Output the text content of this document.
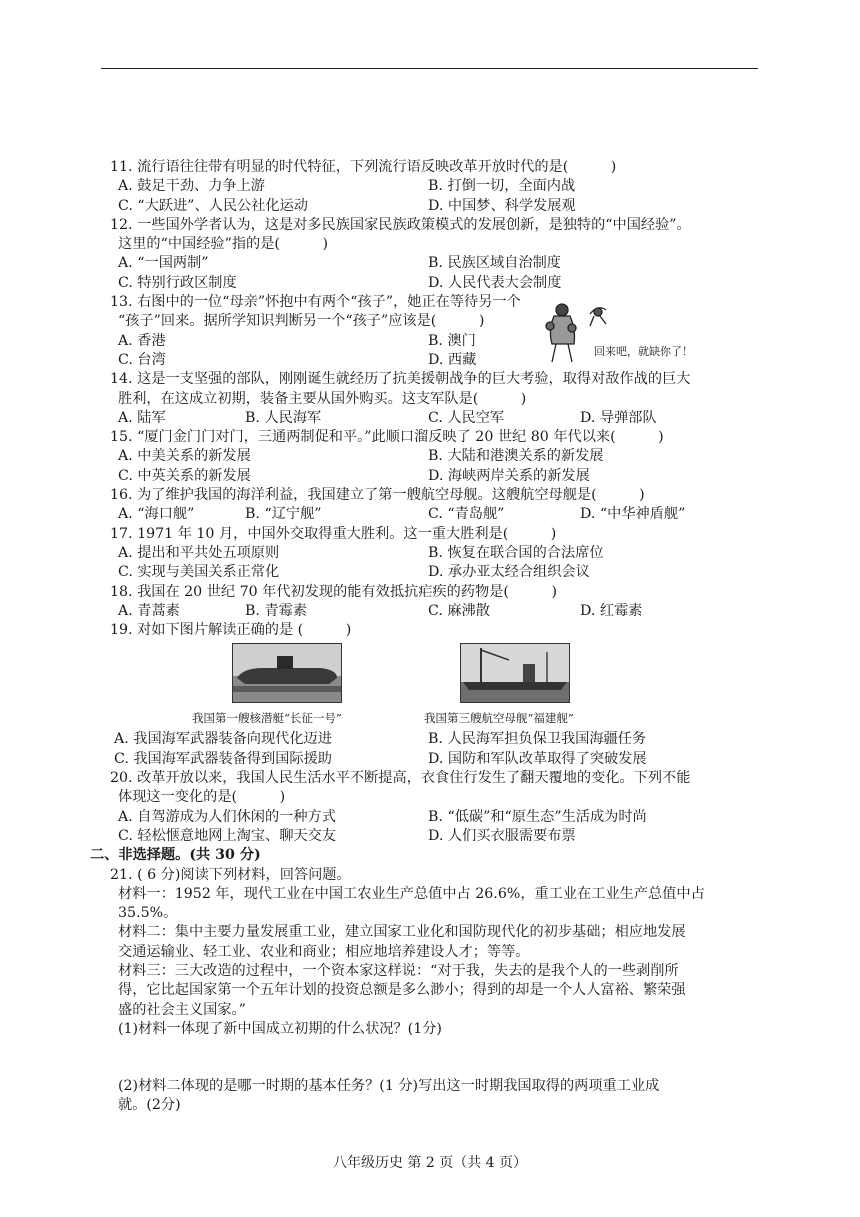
11. 流行语往往带有明显的时代特征，下列流行语反映改革开放时代的是(　　　)
A. 鼓足干劲、力争上游	B. 打倒一切，全面内战
C. “大跃进”、人民公社化运动	D. 中国梦、科学发展观
12. 一些国外学者认为，这是对多民族国家民族政策模式的发展创新，是独特的“中国经验”。
这里的“中国经验”指的是(　　　)
A. “一国两制”	B. 民族区域自治制度
C. 特别行政区制度	D. 人民代表大会制度
13. 右图中的一位“母亲”怀抱中有两个“孩子”，她正在等待另一个
“孩子”回来。据所学知识判断另一个“孩子”应该是(　　　)
A. 香港	B. 澳门
C. 台湾	D. 西藏
14. 这是一支坚强的部队，刚刚诞生就经历了抗美援朝战争的巨大考验，取得对敌作战的巨大
胜利，在这成立初期，装备主要从国外购买。这支军队是(　　　)
A. 陆军	B. 人民海军	C. 人民空军	D. 导弹部队
15. “厦门金门门对门，三通两制促和平。”此顺口溜反映了 20 世纪 80 年代以来(　　　)
A. 中美关系的新发展	B. 大陆和港澳关系的新发展
C. 中英关系的新发展	D. 海峡两岸关系的新发展
16. 为了维护我国的海洋利益，我国建立了第一艘航空母舰。这艘航空母舰是(　　　)
A. “海口舰”	B. “辽宁舰”	C. “青岛舰”	D. “中华神盾舰”
17. 1971 年 10 月，中国外交取得重大胜利。这一重大胜利是(　　　)
A. 提出和平共处五项原则	B. 恢复在联合国的合法席位
C. 实现与美国关系正常化	D. 承办亚太经合组织会议
18. 我国在 20 世纪 70 年代初发现的能有效抵抗疟疾的药物是(　　　)
A. 青蒿素	B. 青霉素	C. 麻沸散	D. 红霉素
19. 对如下图片解读正确的是 (　　　)
我国第一艘核潜艇“长征一号”	我国第三艘航空母舰“福建舰”
A. 我国海军武器装备向现代化迈进	B. 人民海军担负保卫我国海疆任务
C. 我国海军武器装备得到国际援助	D. 国防和军队改革取得了突破发展
20. 改革开放以来，我国人民生活水平不断提高，衣食住行发生了翻天覆地的变化。下列不能
体现这一变化的是(　　　)
A. 自驾游成为人们休闲的一种方式	B. “低碳”和“原生态”生活成为时尚
C. 轻松惬意地网上淘宝、聊天交友	D. 人们买衣服需要布票
二、非选择题。(共 30 分)
21. ( 6 分)阅读下列材料，回答问题。
材料一：1952 年，现代工业在中国工农业生产总值中占 26.6%，重工业在工业生产总值中占
35.5%。
材料二：集中主要力量发展重工业，建立国家工业化和国防现代化的初步基础；相应地发展
交通运输业、轻工业、农业和商业；相应地培养建设人才；等等。
材料三：三大改造的过程中，一个资本家这样说：“对于我，失去的是我个人的一些剥削所
得，它比起国家第一个五年计划的投资总额是多么渺小；得到的却是一个人人富裕、繁荣强
盛的社会主义国家。”
(1)材料一体现了新中国成立初期的什么状况？(1分)
(2)材料二体现的是哪一时期的基本任务？(1 分)写出这一时期我国取得的两项重工业成
就。(2分)
回来吧，就缺你了！
八年级历史 第 2 页（共 4 页）
